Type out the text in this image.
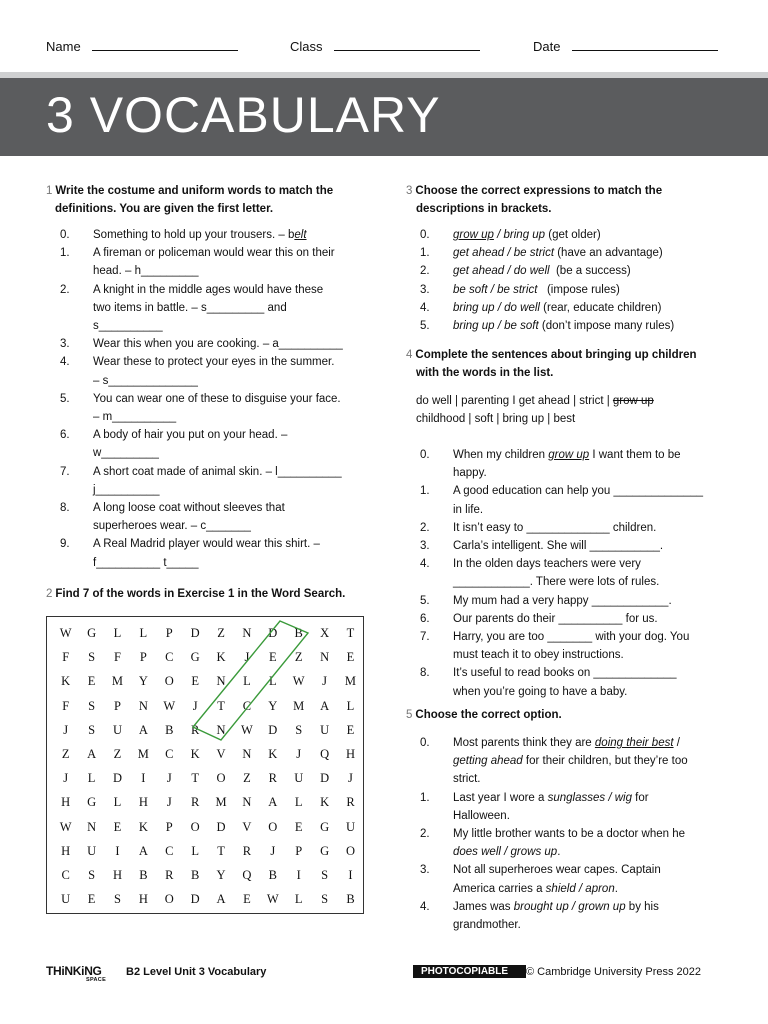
Name	Class	Date
3 VOCABULARY
1 Write the costume and uniform words to match the
definitions. You are given the first letter.
0. Something to hold up your trousers. – belt
1. A fireman or policeman would wear this on their
head. – h_________
2. A knight in the middle ages would have these
two items in battle. – s_________ and
s__________
3. Wear this when you are cooking. – a__________
4. Wear these to protect your eyes in the summer.
– s______________
5. You can wear one of these to disguise your face.
– m__________
6. A body of hair you put on your head. –
w_________
7. A short coat made of animal skin. – l__________
j__________
8. A long loose coat without sleeves that
superheroes wear. – c_______
9. A Real Madrid player would wear this shirt. –
f__________ t_____
2 Find 7 of the words in Exercise 1 in the Word Search.
W	G	L	L	P	D	Z	N	D	B	X	T
F	S	F	P	C	G	K	J	E	Z	N	E
K	E	M	Y	O	E	N	L	L	W	J	M
F	S	P	N	W	J	T	C	Y	M	A	L
J	S	U	A	B	R	N	W	D	S	U	E
Z	A	Z	M	C	K	V	N	K	J	Q	H
J	L	D	I	J	T	O	Z	R	U	D	J
H	G	L	H	J	R	M	N	A	L	K	R
W	N	E	K	P	O	D	V	O	E	G	U
H	U	I	A	C	L	T	R	J	P	G	O
C	S	H	B	R	B	Y	Q	B	I	S	I
U	E	S	H	O	D	A	E	W	L	S	B
3 Choose the correct expressions to match the
descriptions in brackets.
0. grow up / bring up (get older)
1. get ahead / be strict (have an advantage)
2. get ahead / do well  (be a success)
3. be soft / be strict   (impose rules)
4. bring up / do well (rear, educate children)
5. bring up / be soft (don’t impose many rules)
4 Complete the sentences about bringing up children
with the words in the list.
do well | parenting I get ahead | strict | grow up
childhood | soft | bring up | best
0. When my children grow up I want them to be
happy.
1. A good education can help you ______________
in life.
2. It isn’t easy to _____________ children.
3. Carla’s intelligent. She will ___________.
4. In the olden days teachers were very
____________. There were lots of rules.
5. My mum had a very happy ____________.
6. Our parents do their __________ for us.
7. Harry, you are too _______ with your dog. You
must teach it to obey instructions.
8. It’s useful to read books on _____________
when you’re going to have a baby.
5 Choose the correct option.
0. Most parents think they are doing their best /
getting ahead for their children, but they’re too
strict.
1. Last year I wore a sunglasses / wig for
Halloween.
2. My little brother wants to be a doctor when he
does well / grows up.
3. Not all superheroes wear capes. Captain
America carries a shield / apron.
4. James was brought up / grown up by his
grandmother.
THiNKiNG
SPACE
B2 Level Unit 3 Vocabulary	PHOTOCOPIABLE	© Cambridge University Press 2022
